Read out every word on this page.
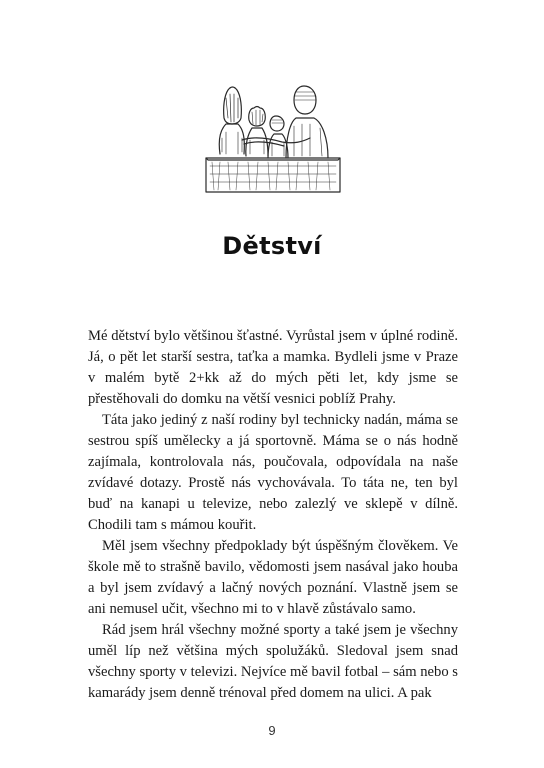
Dětství

Mé dětství bylo většinou šťastné. Vyrůstal jsem v úplné rodině. Já, o pět let starší sestra, taťka a mamka. Bydleli jsme v Praze v malém bytě 2+kk až do mých pěti let, kdy jsme se přestěhovali do domku na větší vesnici poblíž Prahy.

Táta jako jediný z naší rodiny byl technicky nadán, máma se sestrou spíš umělecky a já sportovně. Máma se o nás hodně zajímala, kontrolovala nás, poučovala, odpovídala na naše zvídavé dotazy. Prostě nás vychovávala. To táta ne, ten byl buď na kanapi u televize, nebo zalezlý ve sklepě v dílně. Chodili tam s mámou kouřit.

Měl jsem všechny předpoklady být úspěšným člověkem. Ve škole mě to strašně bavilo, vědomosti jsem nasával jako houba a byl jsem zvídavý a lačný nových poznání. Vlastně jsem se ani nemusel učit, všechno mi to v hlavě zůstávalo samo.

Rád jsem hrál všechny možné sporty a také jsem je všechny uměl líp než většina mých spolužáků. Sledoval jsem snad všechny sporty v televizi. Nejvíce mě bavil fotbal – sám nebo s kamarády jsem denně trénoval před domem na ulici. A pak

9
